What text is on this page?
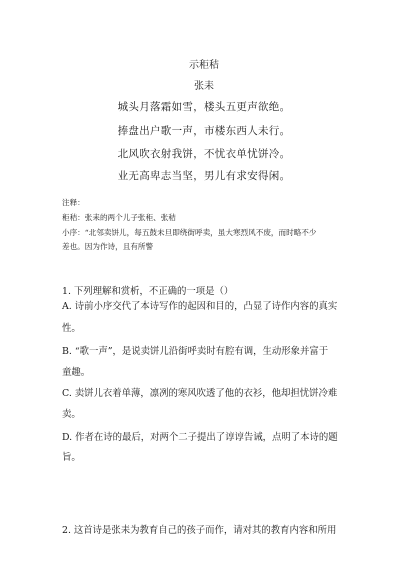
示秬秸
张耒
城头月落霜如雪，楼头五更声欲绝。
捧盘出户歌一声，市楼东西人未行。
北风吹衣射我饼，不忧衣单忧饼冷。
业无高卑志当坚，男儿有求安得闲。
注释：
秬秸：张耒的两个儿子张秬、张秸
小序：“北邻卖饼儿，每五鼓未旦即绕街呼卖，虽大寒烈风不废，而时略不少
差也。因为作诗，且有所警
1. 下列理解和赏析，不正确的一项是（）
A. 诗前小序交代了本诗写作的起因和目的，凸显了诗作内容的真实
性。
B. “歌一声”，是说卖饼儿沿街呼卖时有腔有调，生动形象并富于
童趣。
C. 卖饼儿衣着单薄，凛冽的寒风吹透了他的衣衫，他却担忧饼冷难
卖。
D. 作者在诗的最后，对两个二子提出了谆谆告诫，点明了本诗的题
旨。
2. 这首诗是张耒为教育自己的孩子而作，请对其的教育内容和所用
